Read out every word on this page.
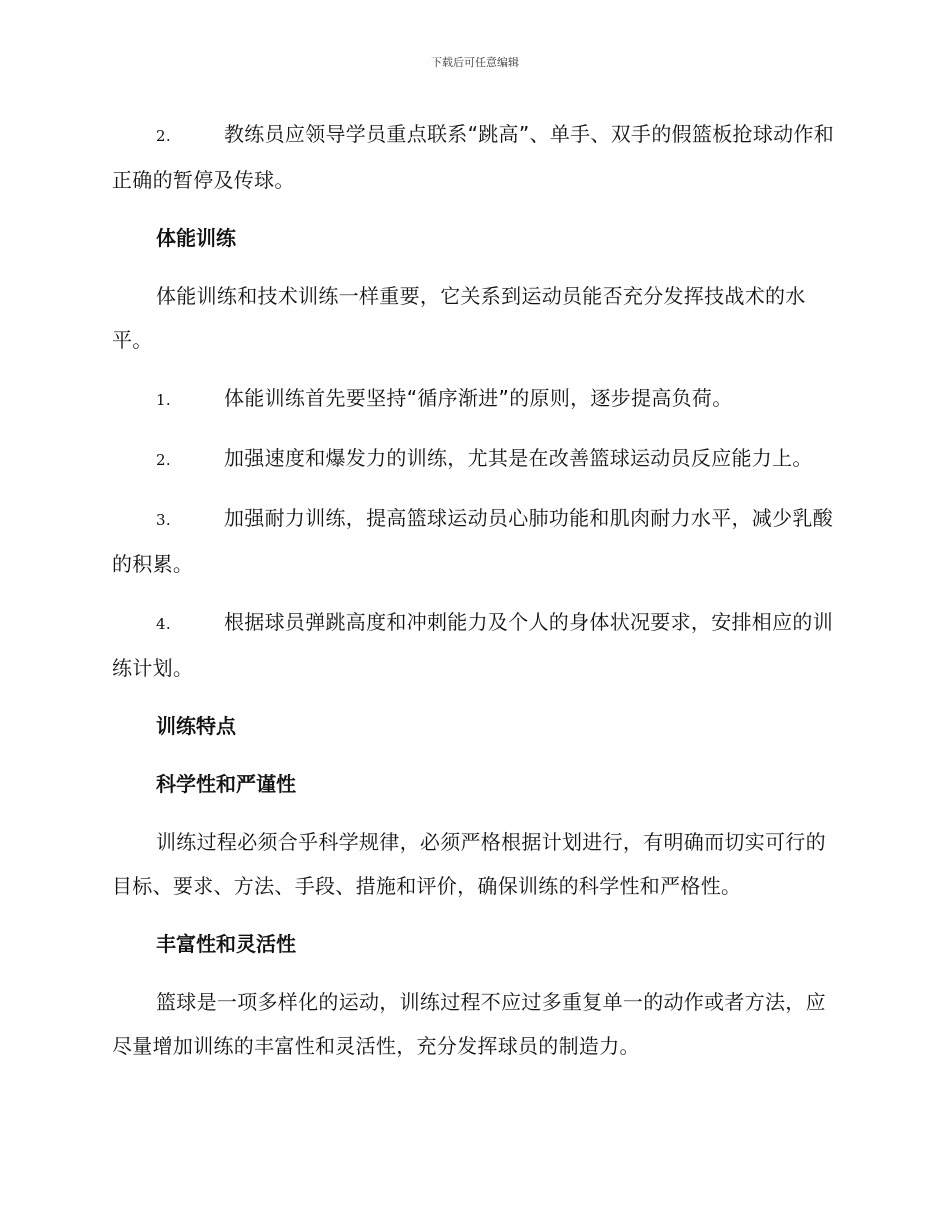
下载后可任意编辑
2.	教练员应领导学员重点联系“跳高”、单手、双手的假篮板抢球动作和正确的暂停及传球。
体能训练
体能训练和技术训练一样重要，它关系到运动员能否充分发挥技战术的水平。
1.	体能训练首先要坚持“循序渐进”的原则，逐步提高负荷。
2.	加强速度和爆发力的训练，尤其是在改善篮球运动员反应能力上。
3.	加强耐力训练，提高篮球运动员心肺功能和肌肉耐力水平，减少乳酸的积累。
4.	根据球员弹跳高度和冲刺能力及个人的身体状况要求，安排相应的训练计划。
训练特点
科学性和严谨性
训练过程必须合乎科学规律，必须严格根据计划进行，有明确而切实可行的目标、要求、方法、手段、措施和评价，确保训练的科学性和严格性。
丰富性和灵活性
篮球是一项多样化的运动，训练过程不应过多重复单一的动作或者方法，应尽量增加训练的丰富性和灵活性，充分发挥球员的制造力。
